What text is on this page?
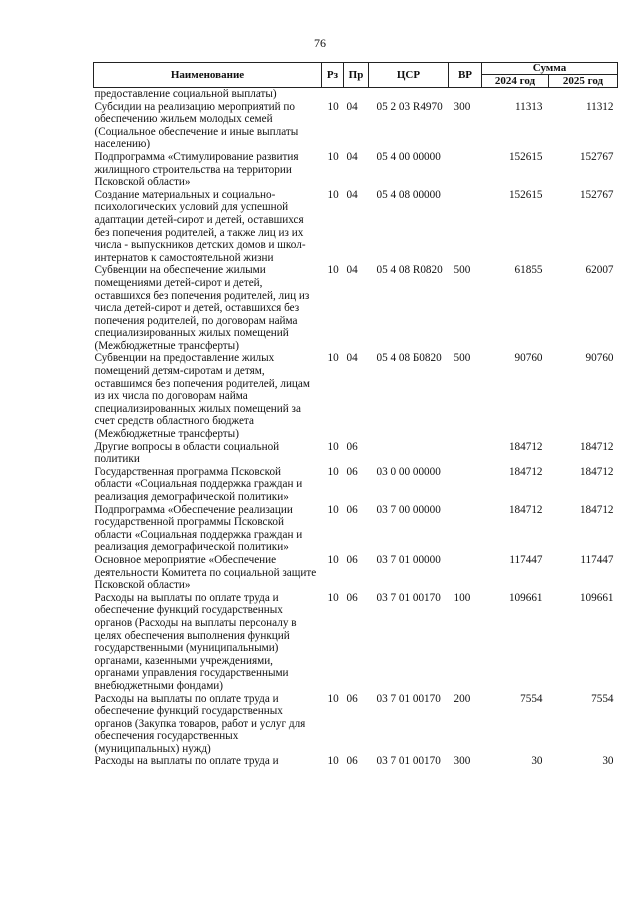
76
Наименование	Рз	Пр	ЦСР	ВР	Сумма	
					2024 год	2025 год
предоставление социальной выплаты)						
Субсидии на реализацию мероприятий по обеспечению жильем молодых семей (Социальное обеспечение и иные выплаты населению)	10	04	05 2 03 R4970	300	11313	11312
Подпрограмма «Стимулирование развития жилищного строительства на территории Псковской области»	10	04	05 4 00 00000		152615	152767
Создание материальных и социально-психологических условий для успешной адаптации детей-сирот и детей, оставшихся без попечения родителей, а также лиц из их числа - выпускников детских домов и школ-интернатов к самостоятельной жизни	10	04	05 4 08 00000		152615	152767
Субвенции на обеспечение жилыми помещениями детей-сирот и детей, оставшихся без попечения родителей, лиц из числа детей-сирот и детей, оставшихся без попечения родителей, по договорам найма специализированных жилых помещений (Межбюджетные трансферты)	10	04	05 4 08 R0820	500	61855	62007
Субвенции на предоставление жилых помещений детям-сиротам и детям, оставшимся без попечения родителей, лицам из их числа по договорам найма специализированных жилых помещений за счет средств областного бюджета (Межбюджетные трансферты)	10	04	05 4 08 Б0820	500	90760	90760
Другие вопросы в области социальной политики	10	06			184712	184712
Государственная программа Псковской области «Социальная поддержка граждан и реализация демографической политики»	10	06	03 0 00 00000		184712	184712
Подпрограмма «Обеспечение реализации государственной программы Псковской области «Социальная поддержка граждан и реализация демографической политики»	10	06	03 7 00 00000		184712	184712
Основное мероприятие «Обеспечение деятельности Комитета по социальной защите Псковской области»	10	06	03 7 01 00000		117447	117447
Расходы на выплаты по оплате труда и обеспечение функций государственных органов (Расходы на выплаты персоналу в целях обеспечения выполнения функций государственными (муниципальными) органами, казенными учреждениями, органами управления государственными внебюджетными фондами)	10	06	03 7 01 00170	100	109661	109661
Расходы на выплаты по оплате труда и обеспечение функций государственных органов (Закупка товаров, работ и услуг для обеспечения государственных (муниципальных) нужд)	10	06	03 7 01 00170	200	7554	7554
Расходы на выплаты по оплате труда и	10	06	03 7 01 00170	300	30	30
